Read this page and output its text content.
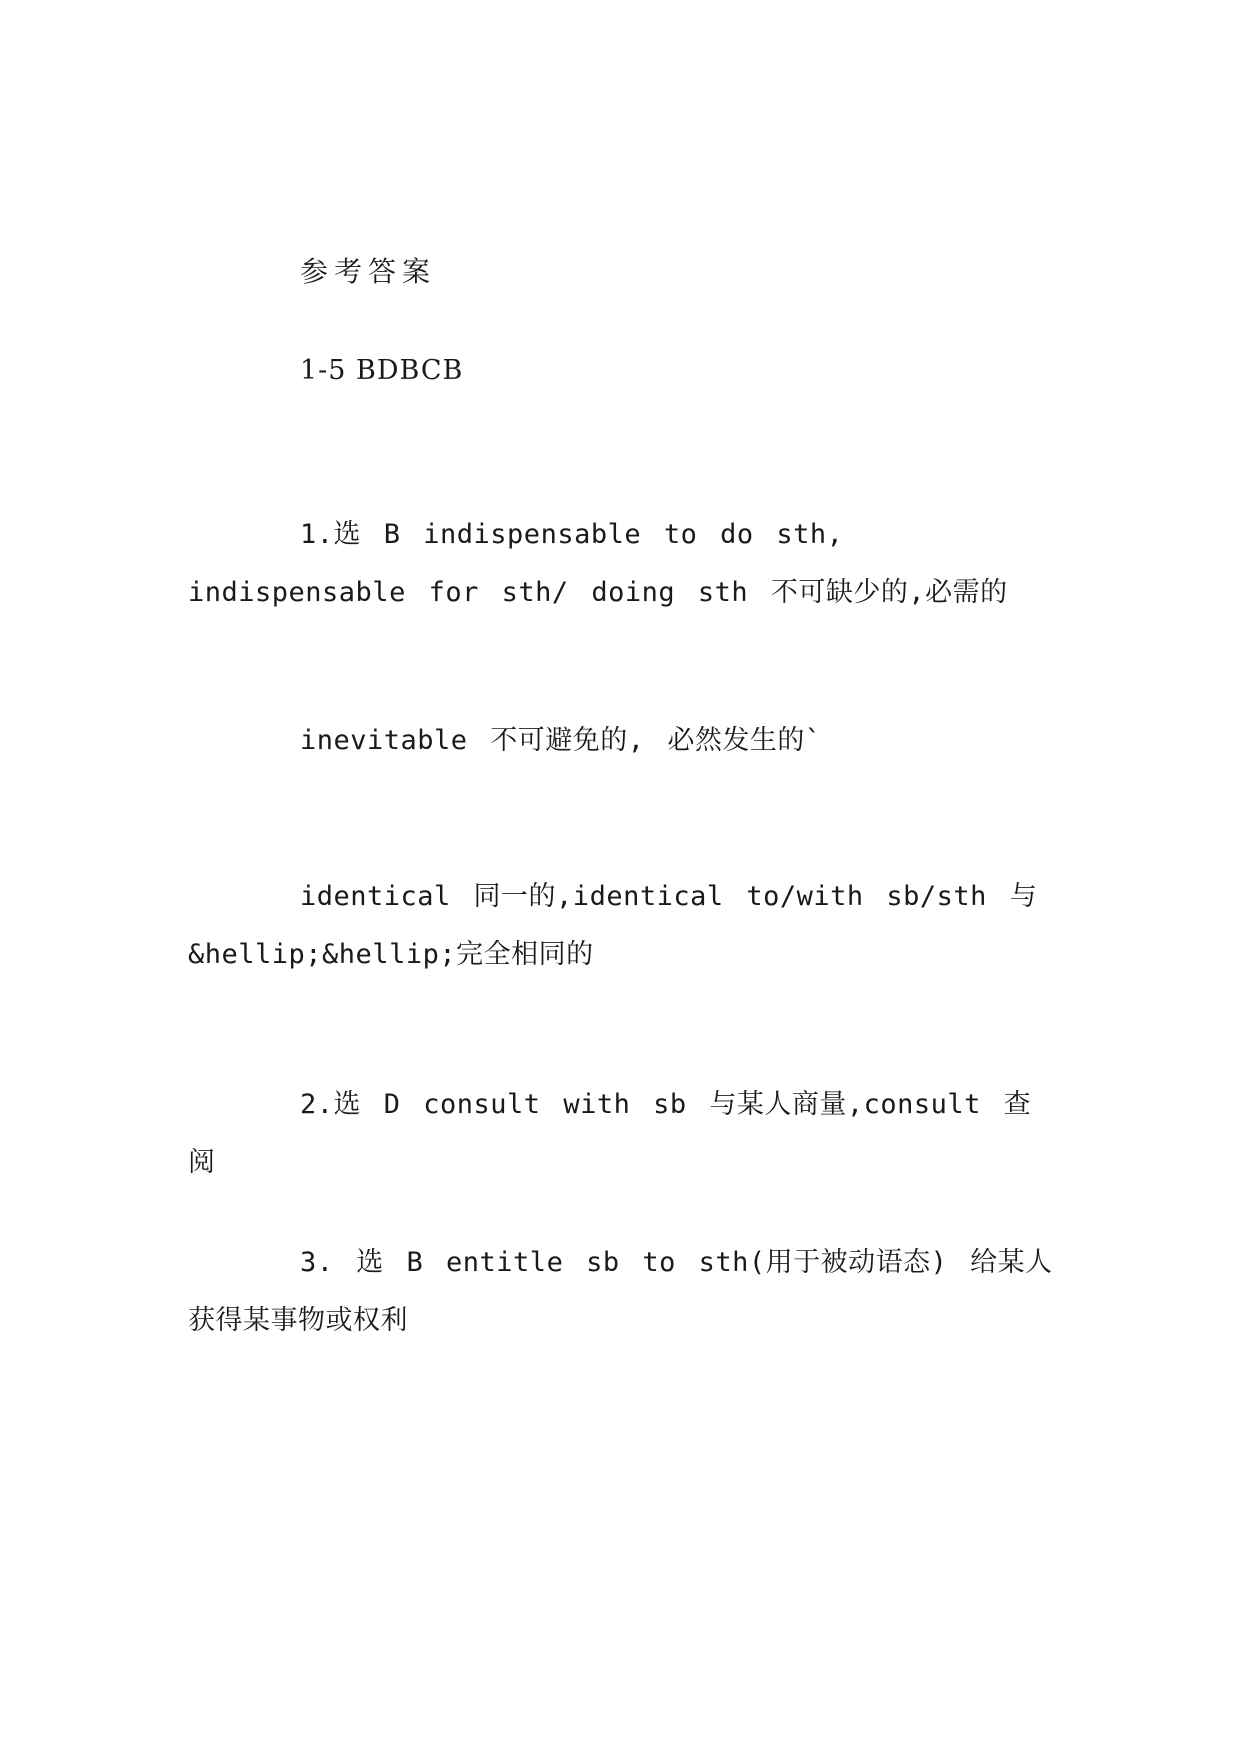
参考答案
1-5 BDBCB
1.选 B indispensable to do sth, indispensable for sth/ doing sth 不可缺少的,必需的
inevitable 不可避免的, 必然发生的`
identical 同一的,identical to/with sb/sth 与&hellip;&hellip;完全相同的
2.选 D consult with sb 与某人商量,consult 查阅
3. 选 B entitle sb to sth(用于被动语态) 给某人获得某事物或权利
